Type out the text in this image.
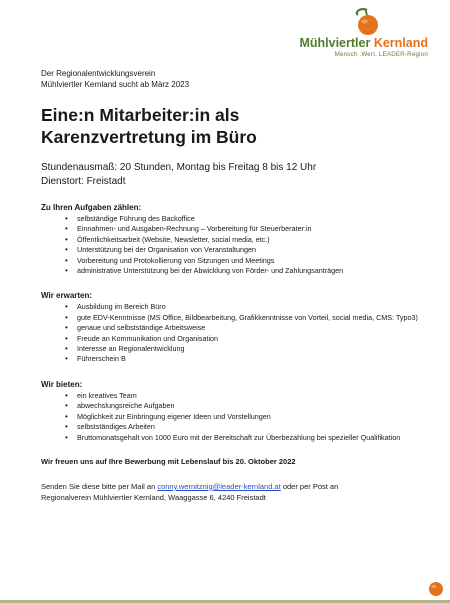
Mühlviertler Kernland
Mensch .Wert. LEADER-Region

Der Regionalentwicklungsverein

Mühlviertler Kernland sucht ab März 2023

Eine:n Mitarbeiter:in als
Karenzvertretung im Büro
Stundenausmaß: 20 Stunden, Montag bis Freitag 8 bis 12 Uhr
Dienstort: Freistadt
Zu Ihren Aufgaben zählen:
• selbständige Führung des Backoffice
• Einnahmen- und Ausgaben-Rechnung – Vorbereitung für Steuerberater:in
• Öffentlichkeitsarbeit (Website, Newsletter, social media, etc.)
• Unterstützung bei der Organisation von Veranstaltungen
• Vorbereitung und Protokollierung von Sitzungen und Meetings
• administrative Unterstützung bei der Abwicklung von Förder- und Zahlungsanträgen
Wir erwarten:
• Ausbildung im Bereich Büro
• gute EDV-Kenntnisse (MS Office, Bildbearbeitung, Grafikkenntnisse von Vorteil, social media, CMS: Typo3)
• genaue und selbstständige Arbeitsweise
• Freude an Kommunikation und Organisation
• Interesse an Regionalentwicklung
• Führerschein B
Wir bieten:
• ein kreatives Team
• abwechslungsreiche Aufgaben
• Möglichkeit zur Einbringung eigener Ideen und Vorstellungen
• selbstständiges Arbeiten
• Bruttomonatsgehalt von 1000 Euro mit der Bereitschaft zur Überbezahlung bei spezieller Qualifikation
Wir freuen uns auf Ihre Bewerbung mit Lebenslauf bis 20. Oktober 2022
Senden Sie diese bitte per Mail an conny.wernitznig@leader-kernland.at oder per Post an
Regionalverein Mühlviertler Kernland, Waaggasse 6, 4240 Freistadt
